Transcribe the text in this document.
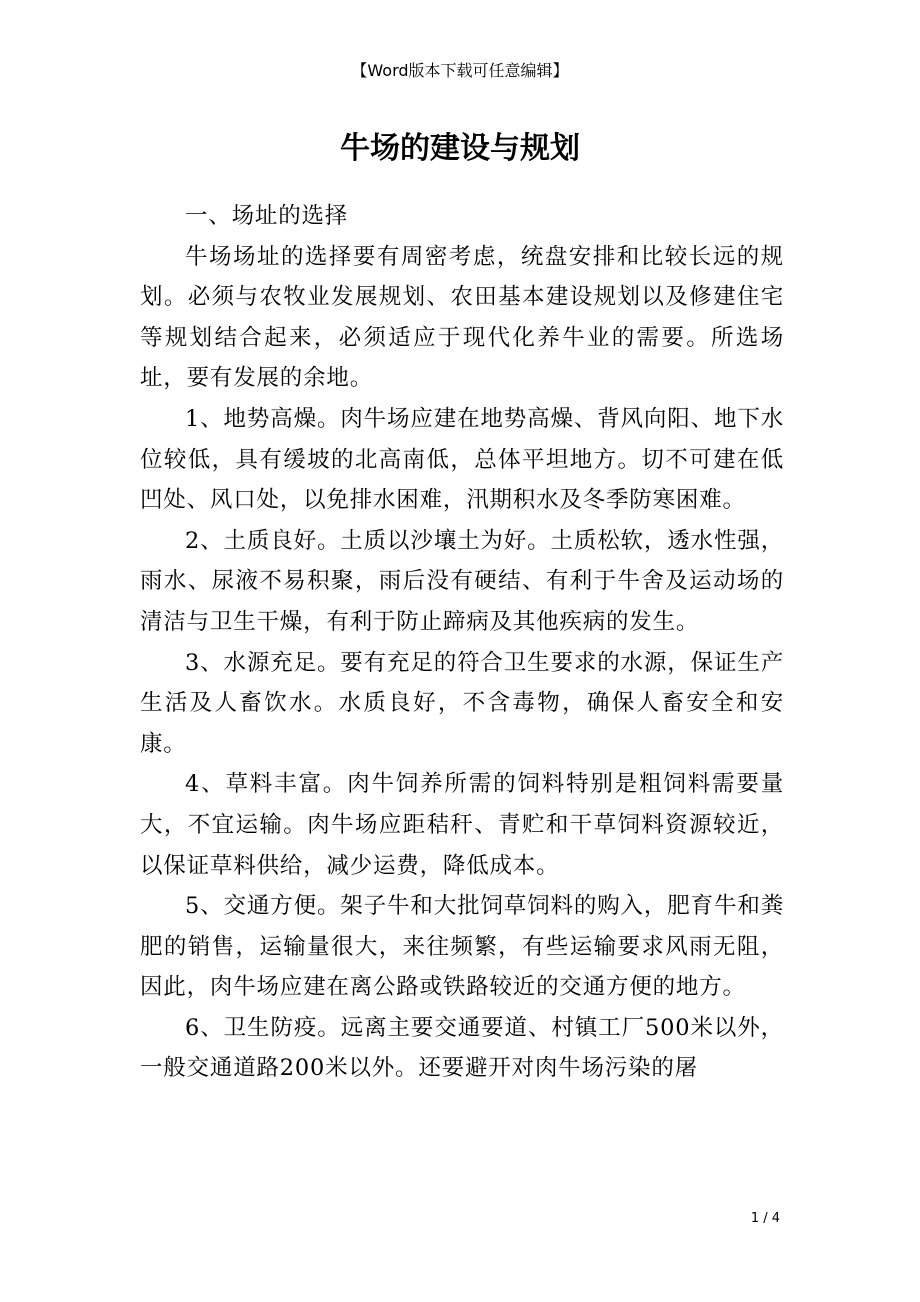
【Word版本下载可任意编辑】
牛场的建设与规划

一、场址的选择

牛场场址的选择要有周密考虑，统盘安排和比较长远的规划。必须与农牧业发展规划、农田基本建设规划以及修建住宅等规划结合起来，必须适应于现代化养牛业的需要。所选场址，要有发展的余地。

1、地势高燥。肉牛场应建在地势高燥、背风向阳、地下水位较低，具有缓坡的北高南低，总体平坦地方。切不可建在低凹处、风口处，以免排水困难，汛期积水及冬季防寒困难。

2、土质良好。土质以沙壤土为好。土质松软，透水性强，雨水、尿液不易积聚，雨后没有硬结、有利于牛舍及运动场的清洁与卫生干燥，有利于防止蹄病及其他疾病的发生。

3、水源充足。要有充足的符合卫生要求的水源，保证生产生活及人畜饮水。水质良好，不含毒物，确保人畜安全和安康。

4、草料丰富。肉牛饲养所需的饲料特别是粗饲料需要量大，不宜运输。肉牛场应距秸秆、青贮和干草饲料资源较近，以保证草料供给，减少运费，降低成本。

5、交通方便。架子牛和大批饲草饲料的购入，肥育牛和粪肥的销售，运输量很大，来往频繁，有些运输要求风雨无阻，因此，肉牛场应建在离公路或铁路较近的交通方便的地方。

6、卫生防疫。远离主要交通要道、村镇工厂500米以外，一般交通道路200米以外。还要避开对肉牛场污染的屠

1 / 4
